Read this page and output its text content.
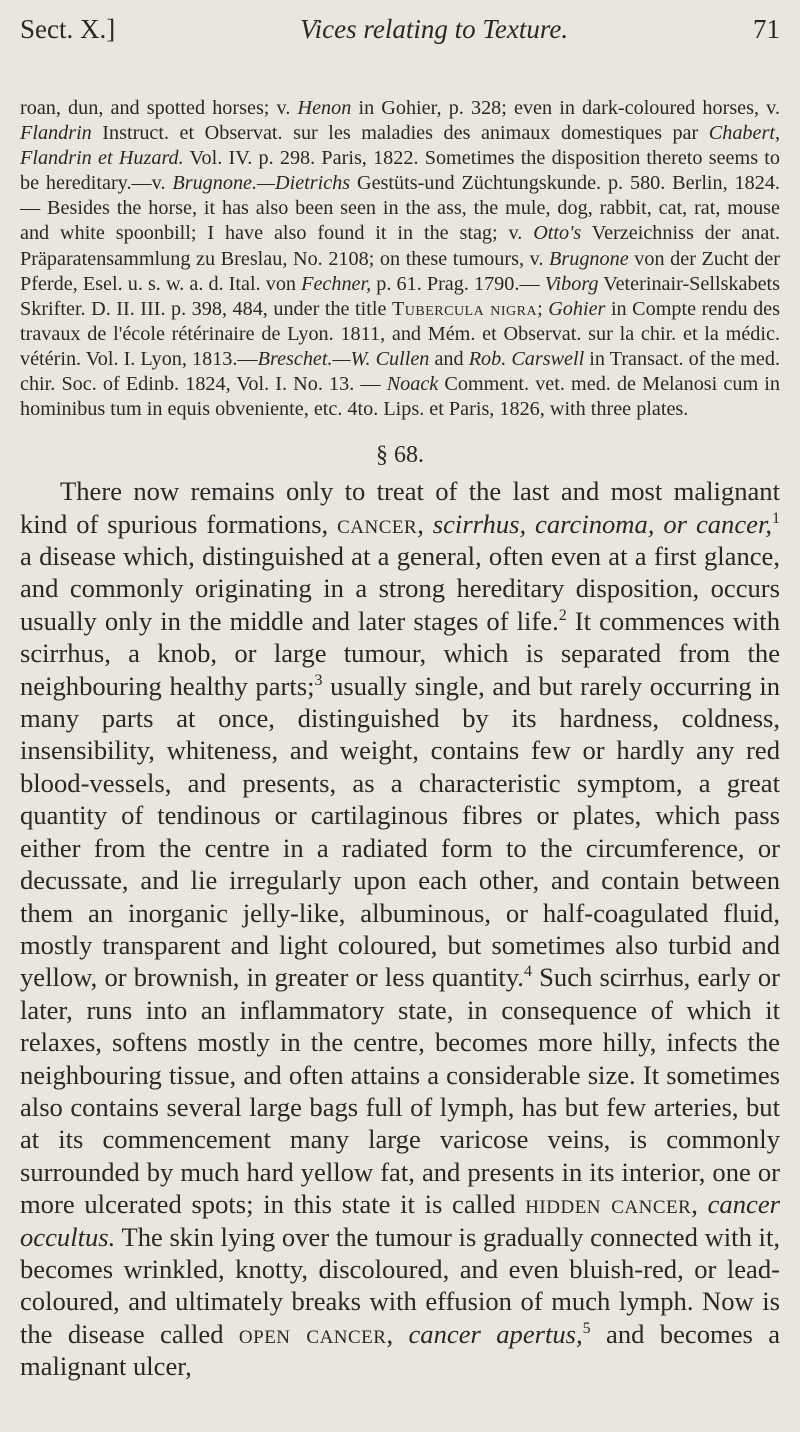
Sect. X.]	Vices relating to Texture.	71
roan, dun, and spotted horses; v. Henon in Gohier, p. 328; even in dark-coloured horses, v. Flandrin Instruct. et Observat. sur les maladies des animaux domestiques par Chabert, Flandrin et Huzard. Vol. IV. p. 298. Paris, 1822. Sometimes the disposition thereto seems to be hereditary.—v. Brugnone.—Dietrichs Gestüts-und Züchtungskunde. p. 580. Berlin, 1824. — Besides the horse, it has also been seen in the ass, the mule, dog, rabbit, cat, rat, mouse and white spoonbill; I have also found it in the stag; v. Otto's Verzeichniss der anat. Präparatensammlung zu Breslau, No. 2108; on these tumours, v. Brugnone von der Zucht der Pferde, Esel. u. s. w. a. d. Ital. von Fechner, p. 61. Prag. 1790.— Viborg Veterinair-Sellskabets Skrifter. D. II. III. p. 398, 484, under the title Tubercula nigra; Gohier in Compte rendu des travaux de l'école rétérinaire de Lyon. 1811, and Mém. et Observat. sur la chir. et la médic. vétérin. Vol. I. Lyon, 1813.—Breschet.—W. Cullen and Rob. Carswell in Transact. of the med. chir. Soc. of Edinb. 1824, Vol. I. No. 13. — Noack Comment. vet. med. de Melanosi cum in hominibus tum in equis obveniente, etc. 4to. Lips. et Paris, 1826, with three plates.
§ 68.

There now remains only to treat of the last and most malignant kind of spurious formations, cancer, scirrhus, carcinoma, or cancer,$^1$ a disease which, distinguished at a general, often even at a first glance, and commonly originating in a strong hereditary disposition, occurs usually only in the middle and later stages of life.$^2$ It commences with scirrhus, a knob, or large tumour, which is separated from the neighbouring healthy parts;$^3$ usually single, and but rarely occurring in many parts at once, distinguished by its hardness, coldness, insensibility, whiteness, and weight, contains few or hardly any red blood-vessels, and presents, as a characteristic symptom, a great quantity of tendinous or cartilaginous fibres or plates, which pass either from the centre in a radiated form to the circumference, or decussate, and lie irregularly upon each other, and contain between them an inorganic jelly-like, albuminous, or half-coagulated fluid, mostly transparent and light coloured, but sometimes also turbid and yellow, or brownish, in greater or less quantity.$^4$ Such scirrhus, early or later, runs into an inflammatory state, in consequence of which it relaxes, softens mostly in the centre, becomes more hilly, infects the neighbouring tissue, and often attains a considerable size. It sometimes also contains several large bags full of lymph, has but few arteries, but at its commencement many large varicose veins, is commonly surrounded by much hard yellow fat, and presents in its interior, one or more ulcerated spots; in this state it is called hidden cancer, cancer occultus. The skin lying over the tumour is gradually connected with it, becomes wrinkled, knotty, discoloured, and even bluish-red, or lead-coloured, and ultimately breaks with effusion of much lymph. Now is the disease called open cancer, cancer apertus,$^5$ and becomes a malignant ulcer,
